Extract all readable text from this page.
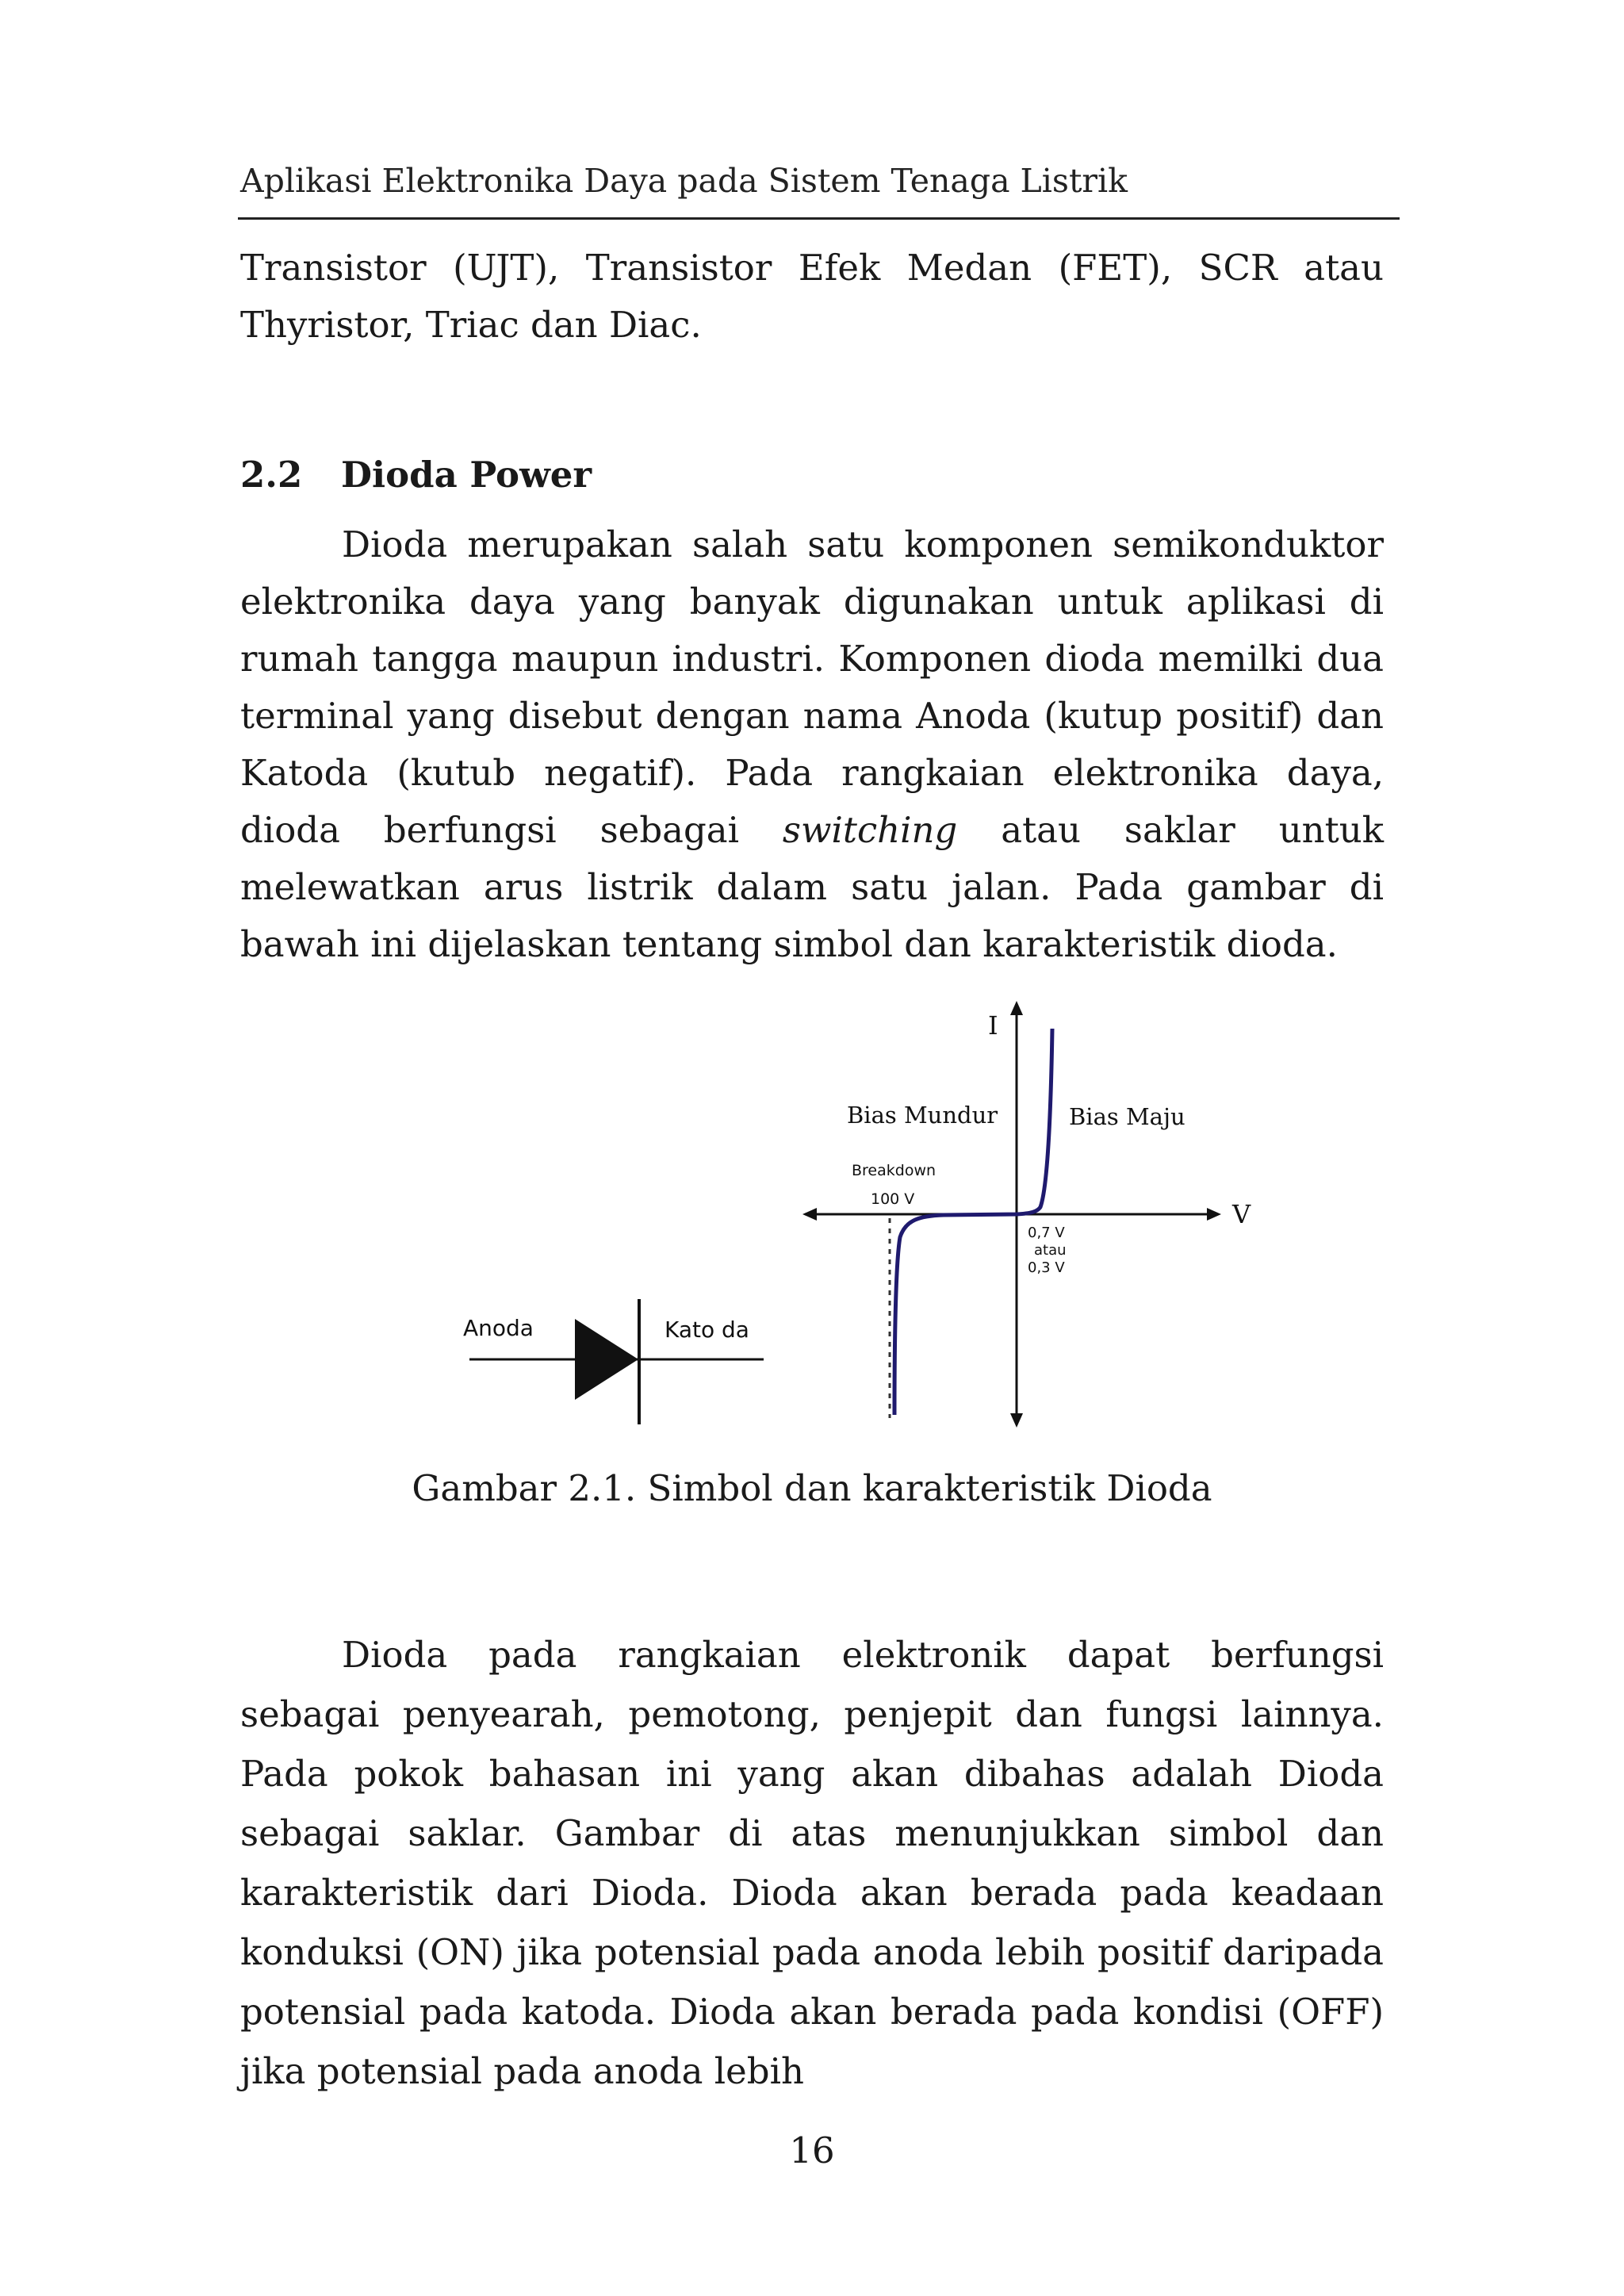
Aplikasi Elektronika Daya pada Sistem Tenaga Listrik

Transistor (UJT), Transistor Efek Medan (FET), SCR atau Thyristor, Triac dan Diac.

2.2 Dioda Power

Dioda merupakan salah satu komponen semikonduktor elektronika daya yang banyak digunakan untuk aplikasi di rumah tangga maupun industri. Komponen dioda memilki dua terminal yang disebut dengan nama Anoda (kutup positif) dan Katoda (kutub negatif). Pada rangkaian elektronika daya, dioda berfungsi sebagai switching atau saklar untuk melewatkan arus listrik dalam satu jalan. Pada gambar di bawah ini dijelaskan tentang simbol dan karakteristik dioda.

Anoda	Kato da
I
V
Bias Mundur	Bias Maju
Breakdown
100 V
0,7 V
atau
0,3 V
Gambar 2.1. Simbol dan karakteristik Dioda

Dioda pada rangkaian elektronik dapat berfungsi sebagai penyearah, pemotong, penjepit dan fungsi lainnya. Pada pokok bahasan ini yang akan dibahas adalah Dioda sebagai saklar. Gambar di atas menunjukkan simbol dan karakteristik dari Dioda. Dioda akan berada pada keadaan konduksi (ON) jika potensial pada anoda lebih positif daripada potensial pada katoda. Dioda akan berada pada kondisi (OFF) jika potensial pada anoda lebih

16
